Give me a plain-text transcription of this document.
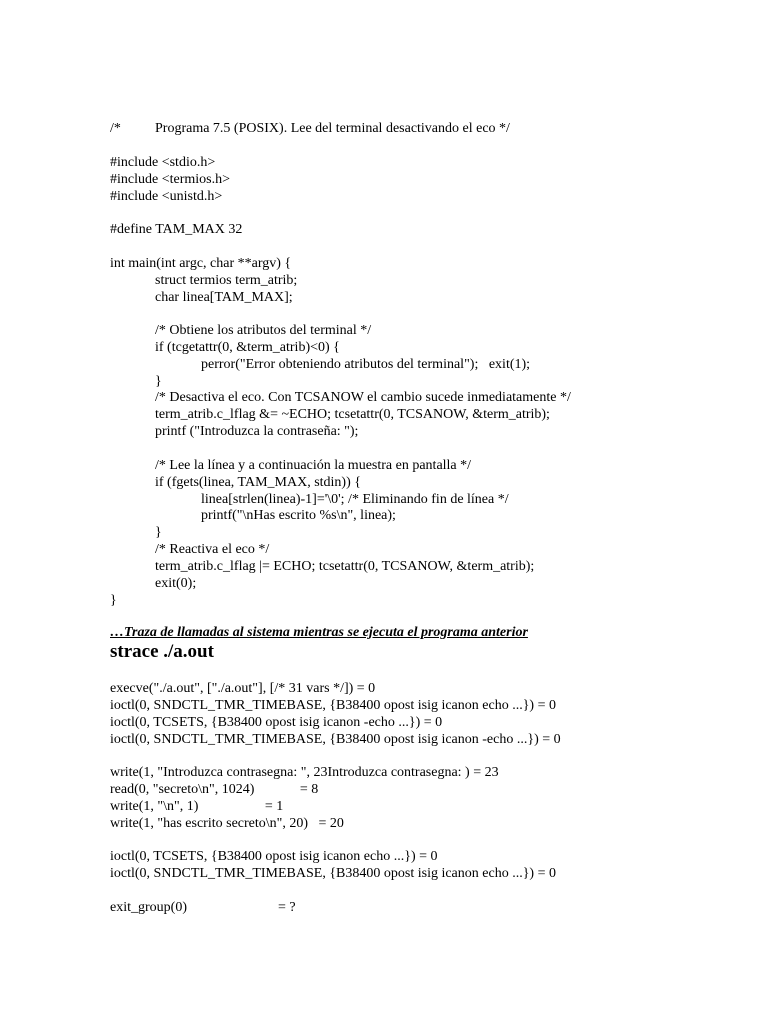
/* Programa 7.5 (POSIX). Lee del terminal desactivando el eco */
#include <stdio.h>
#include <termios.h>
#include <unistd.h>
#define TAM_MAX 32
int main(int argc, char **argv) {
struct termios term_atrib;
char linea[TAM_MAX];
/* Obtiene los atributos del terminal */
if (tcgetattr(0, &term_atrib)<0) {
perror("Error obteniendo atributos del terminal");   exit(1);
}
/* Desactiva el eco. Con TCSANOW el cambio sucede inmediatamente */
term_atrib.c_lflag &= ~ECHO; tcsetattr(0, TCSANOW, &term_atrib);
printf ("Introduzca la contraseña: ");
/* Lee la línea y a continuación la muestra en pantalla */
if (fgets(linea, TAM_MAX, stdin)) {
linea[strlen(linea)-1]='\0'; /* Eliminando fin de línea */
printf("\nHas escrito %s\n", linea);
}
/* Reactiva el eco */
term_atrib.c_lflag |= ECHO; tcsetattr(0, TCSANOW, &term_atrib);
exit(0);
}
…Traza de llamadas al sistema mientras se ejecuta el programa anterior
strace ./a.out
execve("./a.out", ["./a.out"], [/* 31 vars */]) = 0
ioctl(0, SNDCTL_TMR_TIMEBASE, {B38400 opost isig icanon echo ...}) = 0
ioctl(0, TCSETS, {B38400 opost isig icanon -echo ...}) = 0
ioctl(0, SNDCTL_TMR_TIMEBASE, {B38400 opost isig icanon -echo ...}) = 0
write(1, "Introduzca contrasegna: ", 23Introduzca contrasegna: ) = 23
read(0, "secreto\n", 1024)             = 8
write(1, "\n", 1)                   = 1
write(1, "has escrito secreto\n", 20)   = 20
ioctl(0, TCSETS, {B38400 opost isig icanon echo ...}) = 0
ioctl(0, SNDCTL_TMR_TIMEBASE, {B38400 opost isig icanon echo ...}) = 0
exit_group(0)                          = ?
